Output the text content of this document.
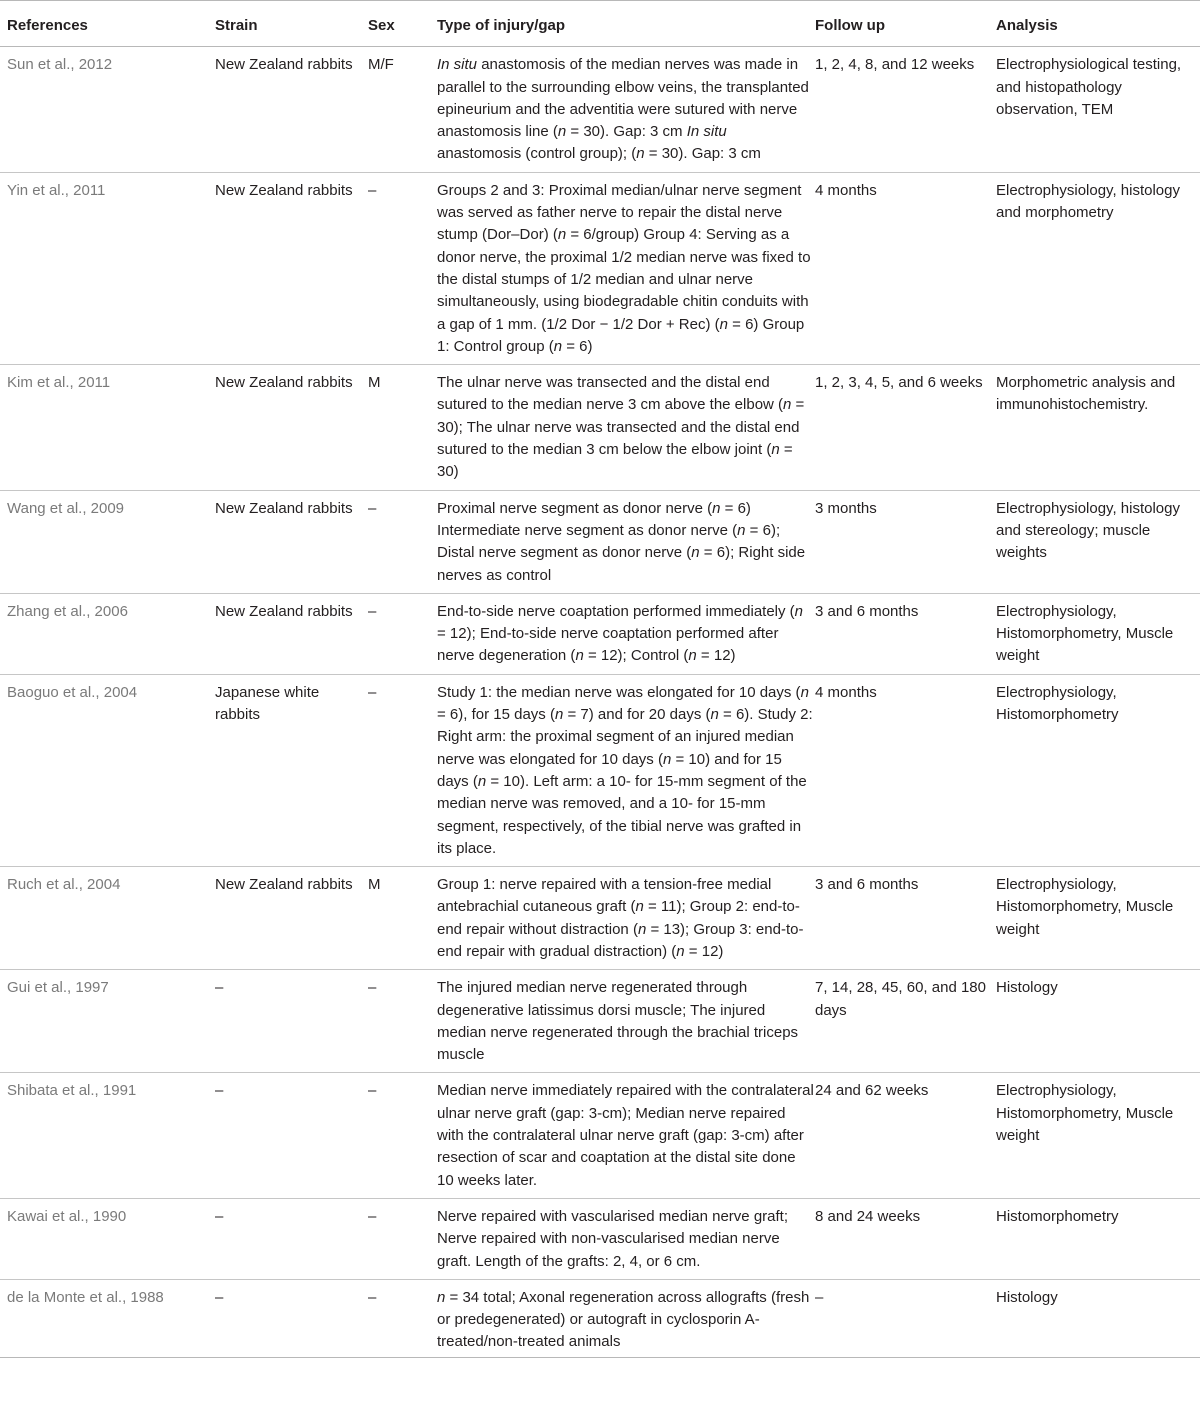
References	Strain	Sex	Type of injury/gap	Follow up	Analysis
Sun et al., 2012	New Zealand rabbits	M/F	In situ anastomosis of the median nerves was made in parallel to the surrounding elbow veins, the transplanted epineurium and the adventitia were sutured with nerve anastomosis line (n = 30). Gap: 3 cm In situ anastomosis (control group); (n = 30). Gap: 3 cm	1, 2, 4, 8, and 12 weeks	Electrophysiological testing, and histopathology observation, TEM
Yin et al., 2011	New Zealand rabbits	–	Groups 2 and 3: Proximal median/ulnar nerve segment was served as father nerve to repair the distal nerve stump (Dor–Dor) (n = 6/group) Group 4: Serving as a donor nerve, the proximal 1/2 median nerve was fixed to the distal stumps of 1/2 median and ulnar nerve simultaneously, using biodegradable chitin conduits with a gap of 1 mm. (1/2 Dor − 1/2 Dor + Rec) (n = 6) Group 1: Control group (n = 6)	4 months	Electrophysiology, histology and morphometry
Kim et al., 2011	New Zealand rabbits	M	The ulnar nerve was transected and the distal end sutured to the median nerve 3 cm above the elbow (n = 30); The ulnar nerve was transected and the distal end sutured to the median 3 cm below the elbow joint (n = 30)	1, 2, 3, 4, 5, and 6 weeks	Morphometric analysis and immunohistochemistry.
Wang et al., 2009	New Zealand rabbits	–	Proximal nerve segment as donor nerve (n = 6) Intermediate nerve segment as donor nerve (n = 6); Distal nerve segment as donor nerve (n = 6); Right side nerves as control	3 months	Electrophysiology, histology and stereology; muscle weights
Zhang et al., 2006	New Zealand rabbits	–	End-to-side nerve coaptation performed immediately (n = 12); End-to-side nerve coaptation performed after nerve degeneration (n = 12); Control (n = 12)	3 and 6 months	Electrophysiology, Histomorphometry, Muscle weight
Baoguo et al., 2004	Japanese white rabbits	–	Study 1: the median nerve was elongated for 10 days (n = 6), for 15 days (n = 7) and for 20 days (n = 6). Study 2: Right arm: the proximal segment of an injured median nerve was elongated for 10 days (n = 10) and for 15 days (n = 10). Left arm: a 10- for 15-mm segment of the median nerve was removed, and a 10- for 15-mm segment, respectively, of the tibial nerve was grafted in its place.	4 months	Electrophysiology, Histomorphometry
Ruch et al., 2004	New Zealand rabbits	M	Group 1: nerve repaired with a tension-free medial antebrachial cutaneous graft (n = 11); Group 2: end-to-end repair without distraction (n = 13); Group 3: end-to-end repair with gradual distraction) (n = 12)	3 and 6 months	Electrophysiology, Histomorphometry, Muscle weight
Gui et al., 1997	–	–	The injured median nerve regenerated through degenerative latissimus dorsi muscle; The injured median nerve regenerated through the brachial triceps muscle	7, 14, 28, 45, 60, and 180 days	Histology
Shibata et al., 1991	–	–	Median nerve immediately repaired with the contralateral ulnar nerve graft (gap: 3-cm); Median nerve repaired with the contralateral ulnar nerve graft (gap: 3-cm) after resection of scar and coaptation at the distal site done 10 weeks later.	24 and 62 weeks	Electrophysiology, Histomorphometry, Muscle weight
Kawai et al., 1990	–	–	Nerve repaired with vascularised median nerve graft; Nerve repaired with non-vascularised median nerve graft. Length of the grafts: 2, 4, or 6 cm.	8 and 24 weeks	Histomorphometry
de la Monte et al., 1988	–	–	n = 34 total; Axonal regeneration across allografts (fresh or predegenerated) or autograft in cyclosporin A-treated/non-treated animals	–	Histology
